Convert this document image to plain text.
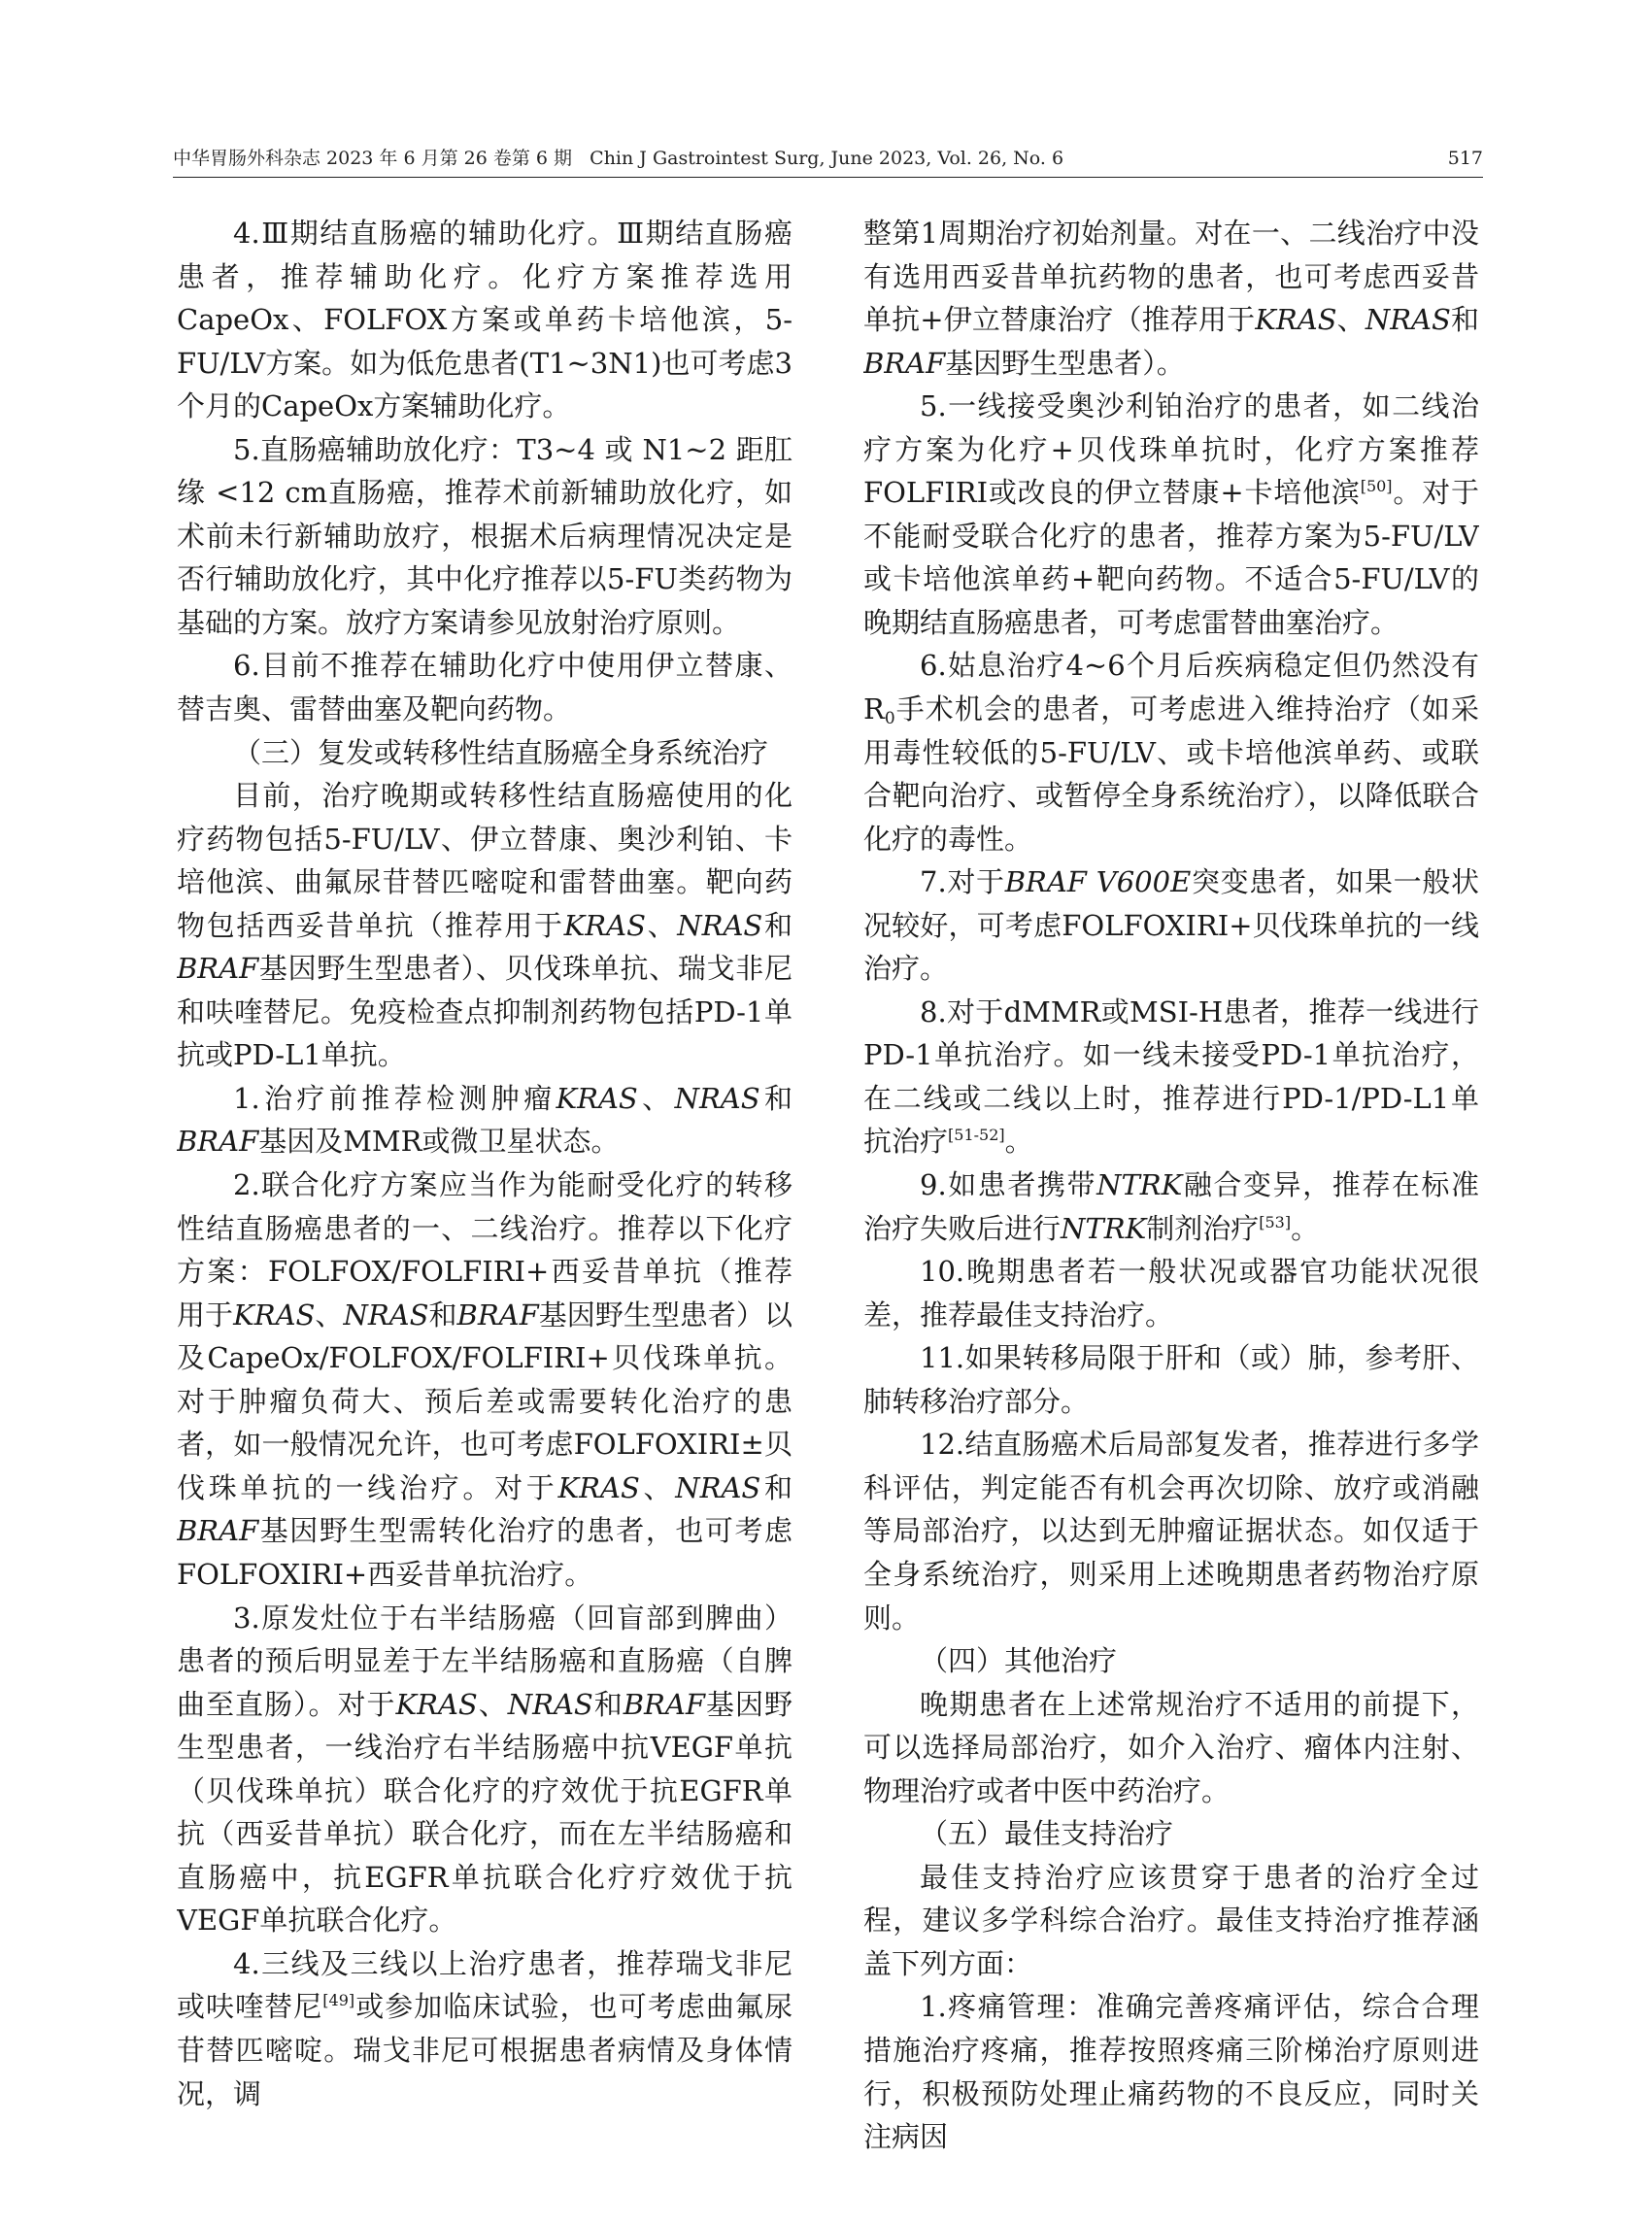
中华胃肠外科杂志 2023 年 6 月第 26 卷第 6 期 Chin J Gastrointest Surg, June 2023, Vol. 26, No. 6	517

4.Ⅲ期结直肠癌的辅助化疗。Ⅲ期结直肠癌患者，推荐辅助化疗。化疗方案推荐选用CapeOx、FOLFOX方案或单药卡培他滨，5-FU/LV方案。如为低危患者(T1~3N1)也可考虑3个月的CapeOx方案辅助化疗。

5.直肠癌辅助放化疗：T3~4 或 N1~2 距肛缘 <12 cm直肠癌，推荐术前新辅助放化疗，如术前未行新辅助放疗，根据术后病理情况决定是否行辅助放化疗，其中化疗推荐以5-FU类药物为基础的方案。放疗方案请参见放射治疗原则。

6.目前不推荐在辅助化疗中使用伊立替康、替吉奥、雷替曲塞及靶向药物。

（三）复发或转移性结直肠癌全身系统治疗

目前，治疗晚期或转移性结直肠癌使用的化疗药物包括5-FU/LV、伊立替康、奥沙利铂、卡培他滨、曲氟尿苷替匹嘧啶和雷替曲塞。靶向药物包括西妥昔单抗（推荐用于KRAS、NRAS和BRAF基因野生型患者）、贝伐珠单抗、瑞戈非尼和呋喹替尼。免疫检查点抑制剂药物包括PD-1单抗或PD-L1单抗。

1.治疗前推荐检测肿瘤KRAS、NRAS和BRAF基因及MMR或微卫星状态。

2.联合化疗方案应当作为能耐受化疗的转移性结直肠癌患者的一、二线治疗。推荐以下化疗方案：FOLFOX/FOLFIRI+西妥昔单抗（推荐用于KRAS、NRAS和BRAF基因野生型患者）以及CapeOx/FOLFOX/FOLFIRI+贝伐珠单抗。对于肿瘤负荷大、预后差或需要转化治疗的患者，如一般情况允许，也可考虑FOLFOXIRI±贝伐珠单抗的一线治疗。对于KRAS、NRAS和BRAF基因野生型需转化治疗的患者，也可考虑FOLFOXIRI+西妥昔单抗治疗。

3.原发灶位于右半结肠癌（回盲部到脾曲）患者的预后明显差于左半结肠癌和直肠癌（自脾曲至直肠）。对于KRAS、NRAS和BRAF基因野生型患者，一线治疗右半结肠癌中抗VEGF单抗（贝伐珠单抗）联合化疗的疗效优于抗EGFR单抗（西妥昔单抗）联合化疗，而在左半结肠癌和直肠癌中，抗EGFR单抗联合化疗疗效优于抗VEGF单抗联合化疗。

4.三线及三线以上治疗患者，推荐瑞戈非尼或呋喹替尼[49]或参加临床试验，也可考虑曲氟尿苷替匹嘧啶。瑞戈非尼可根据患者病情及身体情况，调

整第1周期治疗初始剂量。对在一、二线治疗中没有选用西妥昔单抗药物的患者，也可考虑西妥昔单抗+伊立替康治疗（推荐用于KRAS、NRAS和BRAF基因野生型患者）。

5.一线接受奥沙利铂治疗的患者，如二线治疗方案为化疗+贝伐珠单抗时，化疗方案推荐FOLFIRI或改良的伊立替康+卡培他滨[50]。对于不能耐受联合化疗的患者，推荐方案为5-FU/LV或卡培他滨单药+靶向药物。不适合5-FU/LV的晚期结直肠癌患者，可考虑雷替曲塞治疗。

6.姑息治疗4~6个月后疾病稳定但仍然没有$R_0$手术机会的患者，可考虑进入维持治疗（如采用毒性较低的5-FU/LV、或卡培他滨单药、或联合靶向治疗、或暂停全身系统治疗），以降低联合化疗的毒性。

7.对于BRAF V600E突变患者，如果一般状况较好，可考虑FOLFOXIRI+贝伐珠单抗的一线治疗。

8.对于dMMR或MSI-H患者，推荐一线进行PD-1单抗治疗。如一线未接受PD-1单抗治疗，在二线或二线以上时，推荐进行PD-1/PD-L1单抗治疗[51-52]。

9.如患者携带NTRK融合变异，推荐在标准治疗失败后进行NTRK制剂治疗[53]。

10.晚期患者若一般状况或器官功能状况很差，推荐最佳支持治疗。

11.如果转移局限于肝和（或）肺，参考肝、肺转移治疗部分。

12.结直肠癌术后局部复发者，推荐进行多学科评估，判定能否有机会再次切除、放疗或消融等局部治疗，以达到无肿瘤证据状态。如仅适于全身系统治疗，则采用上述晚期患者药物治疗原则。

（四）其他治疗

晚期患者在上述常规治疗不适用的前提下，可以选择局部治疗，如介入治疗、瘤体内注射、物理治疗或者中医中药治疗。

（五）最佳支持治疗

最佳支持治疗应该贯穿于患者的治疗全过程，建议多学科综合治疗。最佳支持治疗推荐涵盖下列方面：

1.疼痛管理：准确完善疼痛评估，综合合理措施治疗疼痛，推荐按照疼痛三阶梯治疗原则进行，积极预防处理止痛药物的不良反应，同时关注病因
